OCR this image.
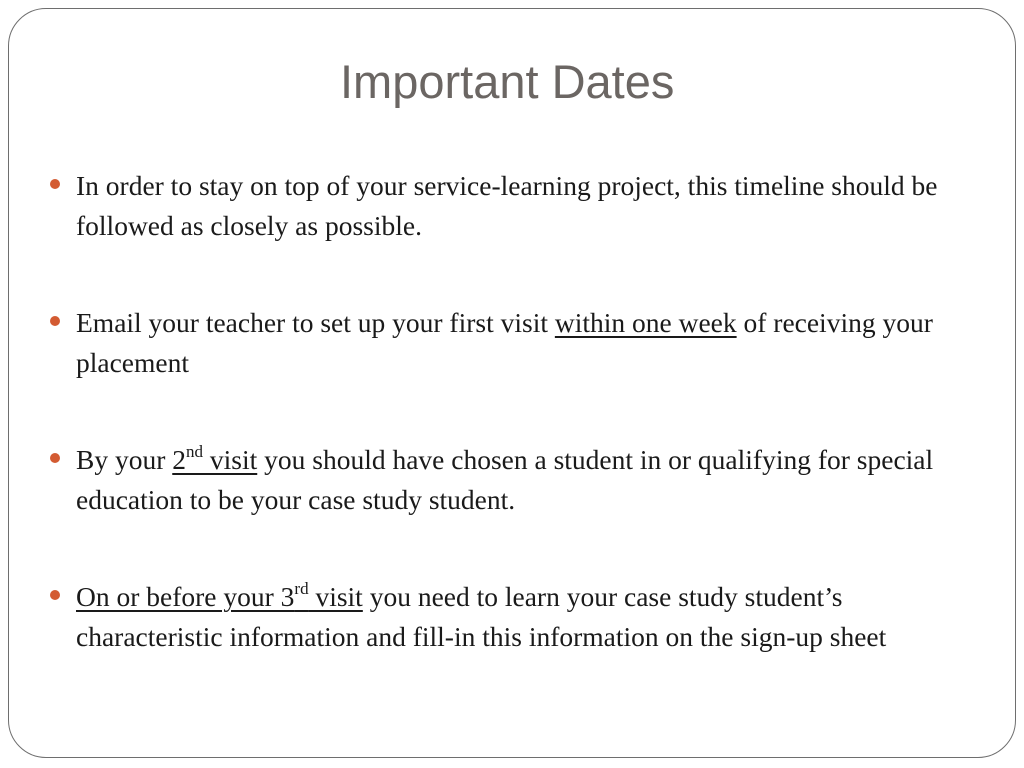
Important Dates
In order to stay on top of your service-learning project, this timeline should be followed as closely as possible.
Email your teacher to set up your first visit within one week of receiving your placement
By your 2nd visit you should have chosen a student in or qualifying for special education to be your case study student.
On or before your 3rd visit you need to learn your case study student’s characteristic information and fill-in this information on the sign-up sheet
